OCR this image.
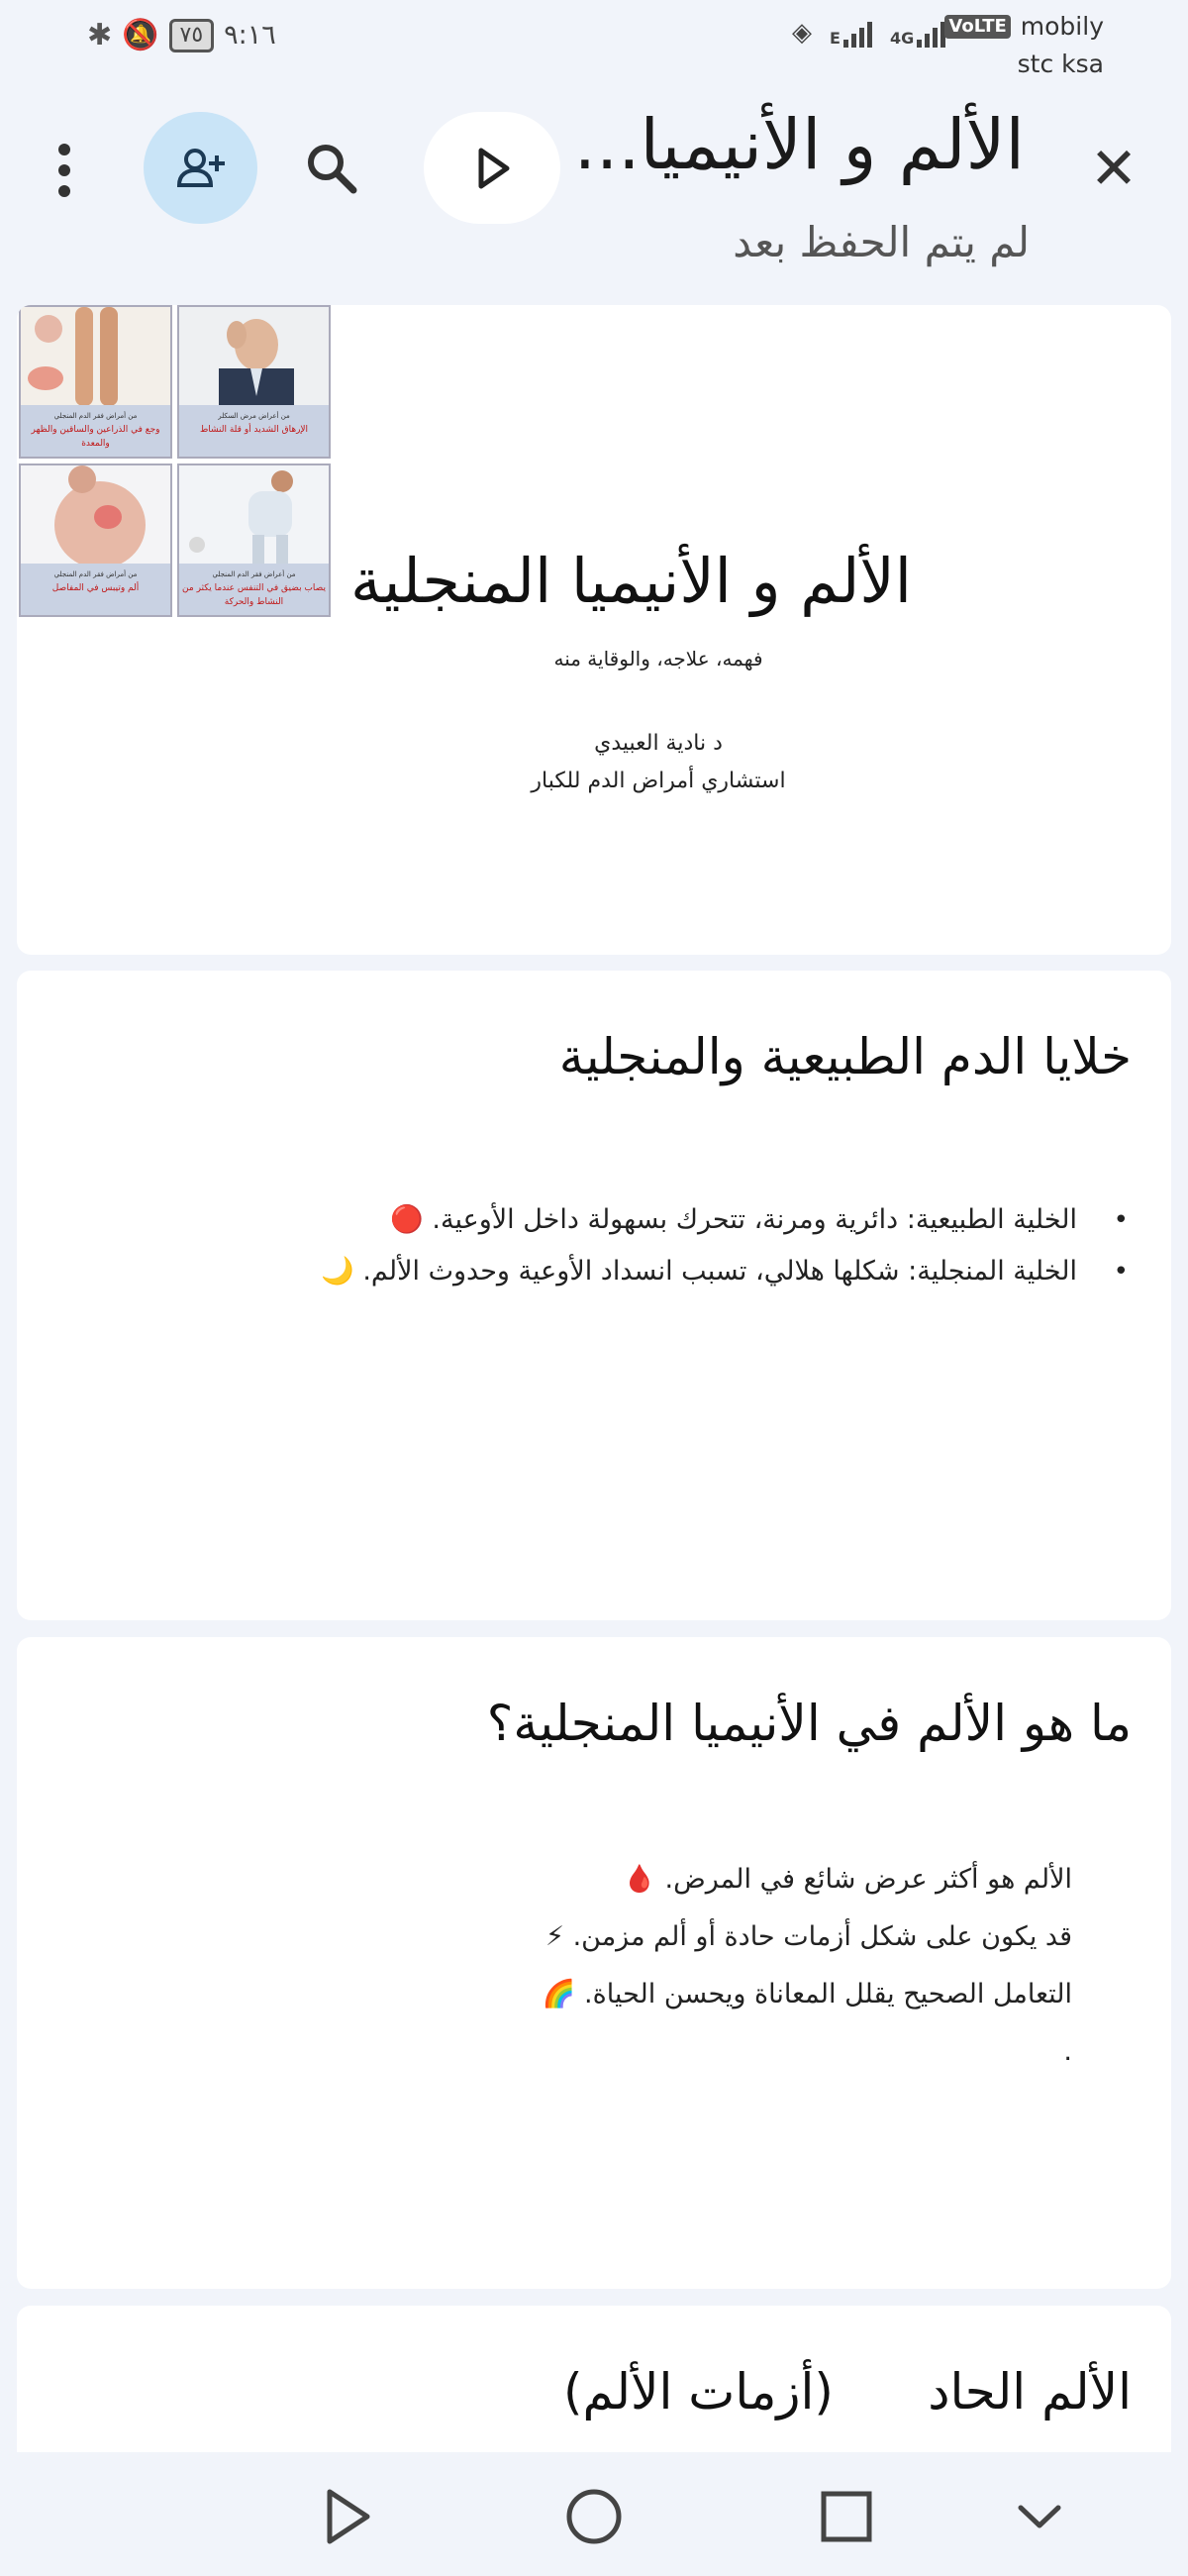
٩:١٦
٧٥
🔕
✱	◈ E	4G
VoLTE mobily
stc ksa
✕
الألم و الأنيميا...
لم يتم الحفظ بعد
من أمراض فقر الدم المنجلي
وجع في الذراعين والساقين والظهر والمعدة
من أعراض مرض السكلر
الإرهاق الشديد أو قلة النشاط
من أمراض فقر الدم المنجلي
ألم وتيبس في المفاصل
من أعراض فقر الدم المنجلي
يصاب بضيق في التنفس عندما يكثر من النشاط والحركة	الألم و الأنيميا المنجلية
فهمه، علاجه، والوقاية منه
د نادية العبيدي
استشاري أمراض الدم للكبار
خلايا الدم الطبيعية والمنجلية
• الخلية الطبيعية: دائرية ومرنة، تتحرك بسهولة داخل الأوعية. 🔴
• الخلية المنجلية: شكلها هلالي، تسبب انسداد الأوعية وحدوث الألم. 🌙
ما هو الألم في الأنيميا المنجلية؟
الألم هو أكثر عرض شائع في المرض. 🩸
قد يكون على شكل أزمات حادة أو ألم مزمن. ⚡
التعامل الصحيح يقلل المعاناة ويحسن الحياة. 🌈
.
الألم الحاد      (أزمات الألم)
